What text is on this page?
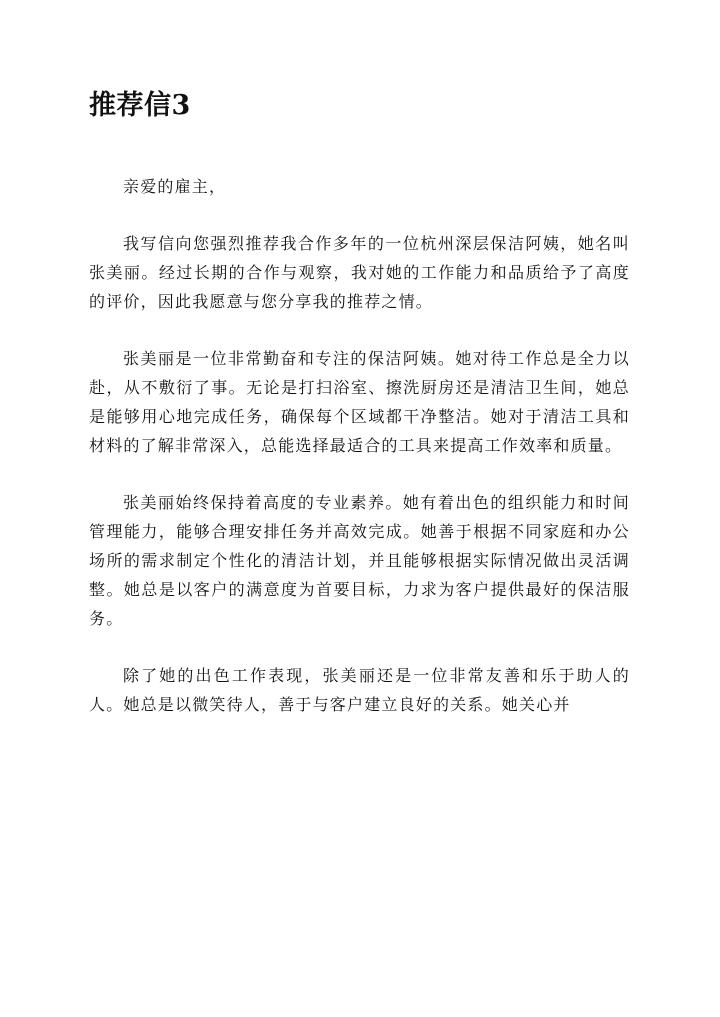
推荐信3

亲爱的雇主，

我写信向您强烈推荐我合作多年的一位杭州深层保洁阿姨，她名叫张美丽。经过长期的合作与观察，我对她的工作能力和品质给予了高度的评价，因此我愿意与您分享我的推荐之情。

张美丽是一位非常勤奋和专注的保洁阿姨。她对待工作总是全力以赴，从不敷衍了事。无论是打扫浴室、擦洗厨房还是清洁卫生间，她总是能够用心地完成任务，确保每个区域都干净整洁。她对于清洁工具和材料的了解非常深入，总能选择最适合的工具来提高工作效率和质量。

张美丽始终保持着高度的专业素养。她有着出色的组织能力和时间管理能力，能够合理安排任务并高效完成。她善于根据不同家庭和办公场所的需求制定个性化的清洁计划，并且能够根据实际情况做出灵活调整。她总是以客户的满意度为首要目标，力求为客户提供最好的保洁服务。

除了她的出色工作表现，张美丽还是一位非常友善和乐于助人的人。她总是以微笑待人，善于与客户建立良好的关系。她关心并
